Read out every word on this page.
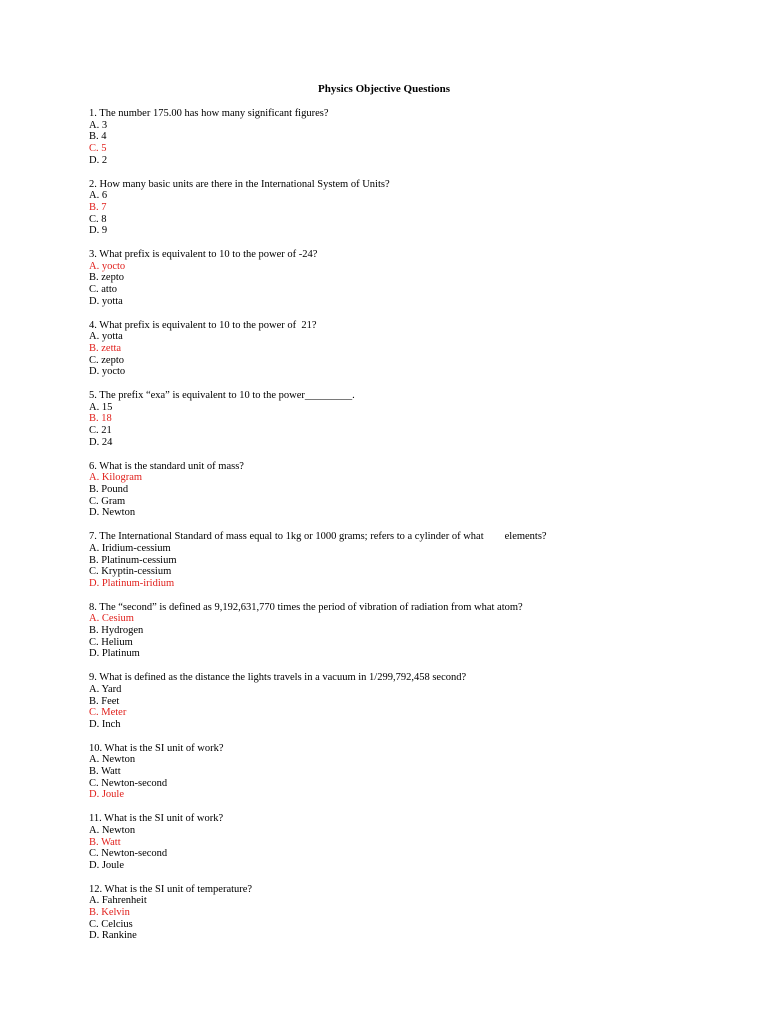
Physics Objective Questions
1. The number 175.00 has how many significant figures?
A. 3
B. 4
C. 5
D. 2
2. How many basic units are there in the International System of Units?
A. 6
B. 7
C. 8
D. 9
3. What prefix is equivalent to 10 to the power of -24?
A. yocto
B. zepto
C. atto
D. yotta
4. What prefix is equivalent to 10 to the power of  21?
A. yotta
B. zetta
C. zepto
D. yocto
5. The prefix “exa” is equivalent to 10 to the power_________.
A. 15
B. 18
C. 21
D. 24
6. What is the standard unit of mass?
A. Kilogram
B. Pound
C. Gram
D. Newton
7. The International Standard of mass equal to 1kg or 1000 grams; refers to a cylinder of what        elements?
A. Iridium-cessium
B. Platinum-cessium
C. Kryptin-cessium
D. Platinum-iridium
8. The “second” is defined as 9,192,631,770 times the period of vibration of radiation from what atom?
A. Cesium
B. Hydrogen
C. Helium
D. Platinum
9. What is defined as the distance the lights travels in a vacuum in 1/299,792,458 second?
A. Yard
B. Feet
C. Meter
D. Inch
10. What is the SI unit of work?
A. Newton
B. Watt
C. Newton-second
D. Joule
11. What is the SI unit of work?
A. Newton
B. Watt
C. Newton-second
D. Joule
12. What is the SI unit of temperature?
A. Fahrenheit
B. Kelvin
C. Celcius
D. Rankine
